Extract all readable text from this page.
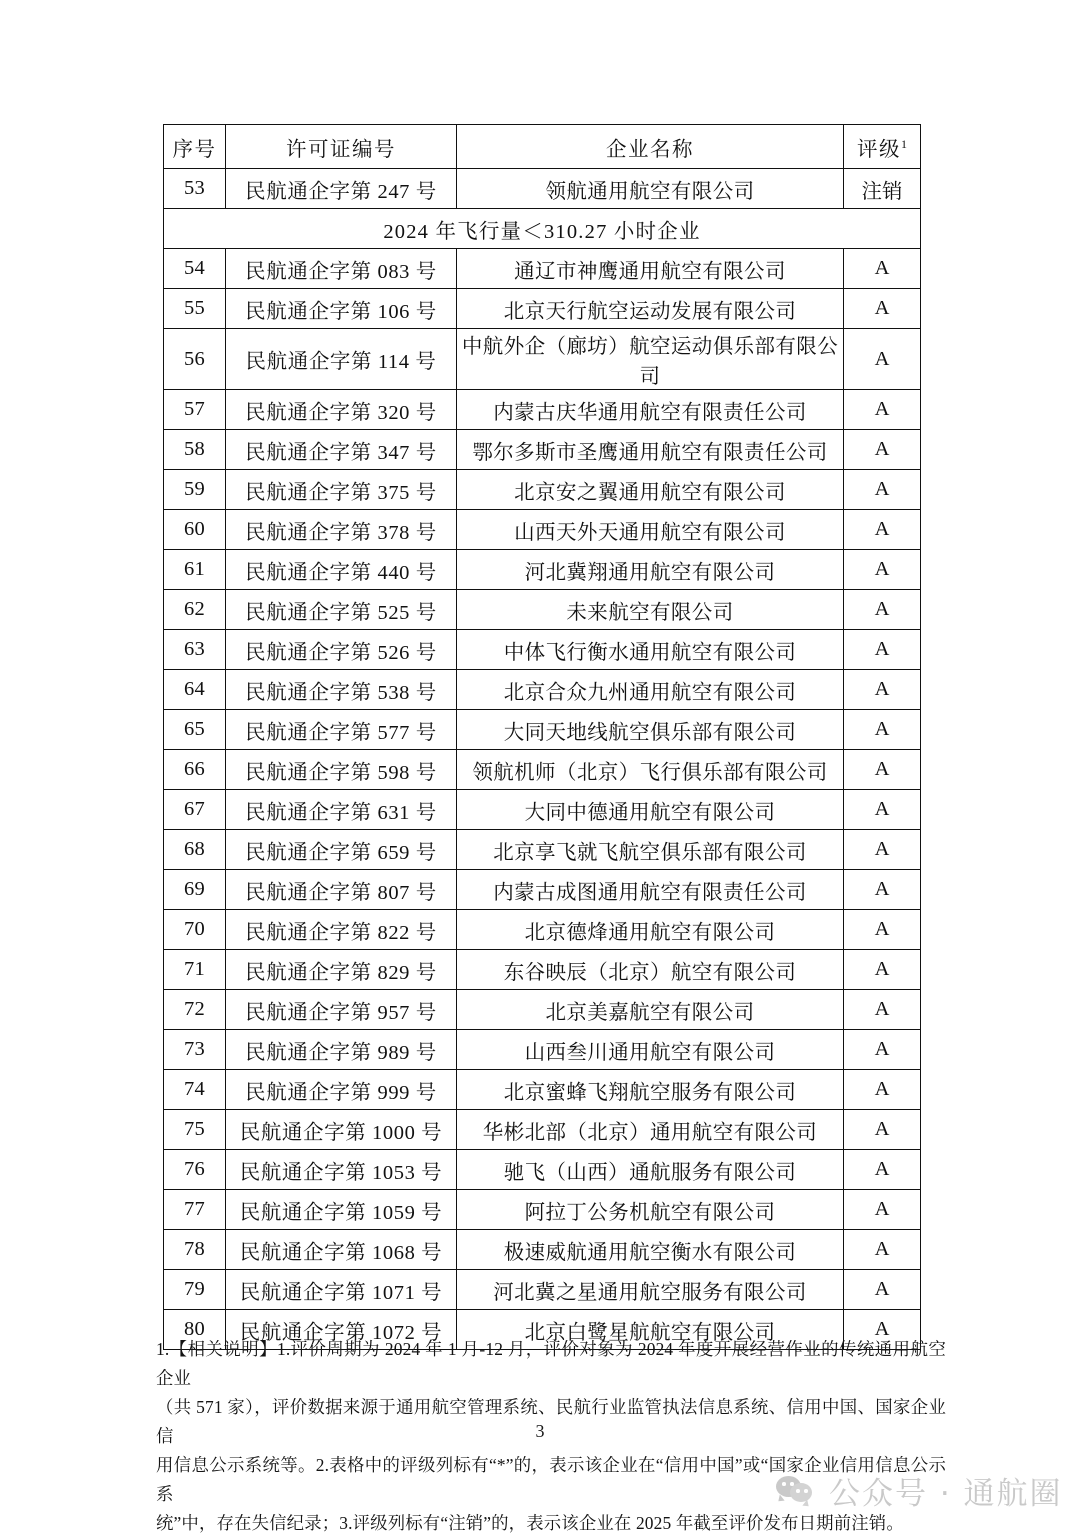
序号	许可证编号	企业名称	评级$^1$
53	民航通企字第 247 号	领航通用航空有限公司	注销
2024 年飞行量＜310.27 小时企业			
54	民航通企字第 083 号	通辽市神鹰通用航空有限公司	A
55	民航通企字第 106 号	北京天行航空运动发展有限公司	A
56	民航通企字第 114 号	中航外企（廊坊）航空运动俱乐部有限公司	A
57	民航通企字第 320 号	内蒙古庆华通用航空有限责任公司	A
58	民航通企字第 347 号	鄂尔多斯市圣鹰通用航空有限责任公司	A
59	民航通企字第 375 号	北京安之翼通用航空有限公司	A
60	民航通企字第 378 号	山西天外天通用航空有限公司	A
61	民航通企字第 440 号	河北冀翔通用航空有限公司	A
62	民航通企字第 525 号	未来航空有限公司	A
63	民航通企字第 526 号	中体飞行衡水通用航空有限公司	A
64	民航通企字第 538 号	北京合众九州通用航空有限公司	A
65	民航通企字第 577 号	大同天地线航空俱乐部有限公司	A
66	民航通企字第 598 号	领航机师（北京）飞行俱乐部有限公司	A
67	民航通企字第 631 号	大同中德通用航空有限公司	A
68	民航通企字第 659 号	北京享飞就飞航空俱乐部有限公司	A
69	民航通企字第 807 号	内蒙古成图通用航空有限责任公司	A
70	民航通企字第 822 号	北京德烽通用航空有限公司	A
71	民航通企字第 829 号	东谷映辰（北京）航空有限公司	A
72	民航通企字第 957 号	北京美嘉航空有限公司	A
73	民航通企字第 989 号	山西叁川通用航空有限公司	A
74	民航通企字第 999 号	北京蜜蜂飞翔航空服务有限公司	A
75	民航通企字第 1000 号	华彬北部（北京）通用航空有限公司	A
76	民航通企字第 1053 号	驰飞（山西）通航服务有限公司	A
77	民航通企字第 1059 号	阿拉丁公务机航空有限公司	A
78	民航通企字第 1068 号	极速威航通用航空衡水有限公司	A
79	民航通企字第 1071 号	河北冀之星通用航空服务有限公司	A
80	民航通企字第 1072 号	北京白鹭星航航空有限公司	A
1.【相关说明】1.评价周期为 2024 年 1 月-12 月，评价对象为 2024 年度开展经营作业的传统通用航空企业
（共 571 家），评价数据来源于通用航空管理系统、民航行业监管执法信息系统、信用中国、国家企业信
用信息公示系统等。2.表格中的评级列标有“*”的，表示该企业在“信用中国”或“国家企业信用信息公示系
统”中，存在失信纪录；3.评级列标有“注销”的，表示该企业在 2025 年截至评价发布日期前注销。
3
公众号 · 通航圈
